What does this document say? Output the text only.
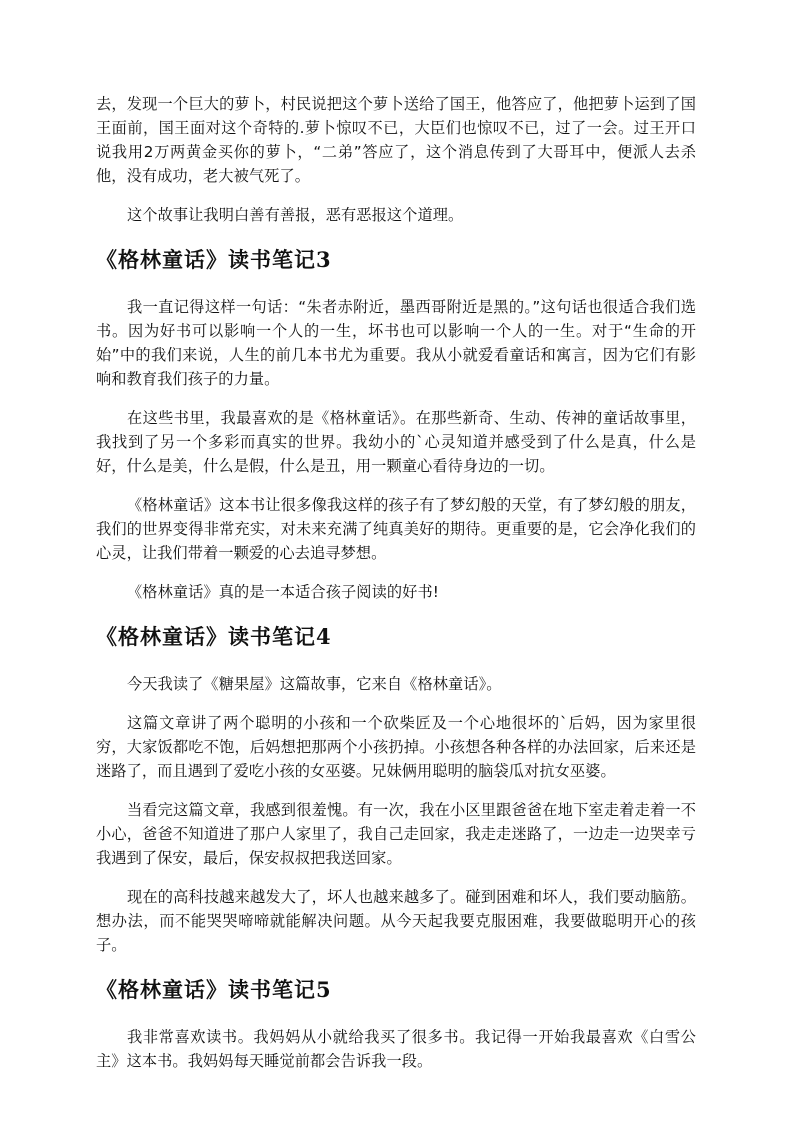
去，发现一个巨大的萝卜，村民说把这个萝卜送给了国王，他答应了，他把萝卜运到了国王面前，国王面对这个奇特的.萝卜惊叹不已，大臣们也惊叹不已，过了一会。过王开口说我用2万两黄金买你的萝卜，“二弟”答应了，这个消息传到了大哥耳中，便派人去杀他，没有成功，老大被气死了。

这个故事让我明白善有善报，恶有恶报这个道理。

《格林童话》读书笔记3

我一直记得这样一句话：“朱者赤附近，墨西哥附近是黑的。”这句话也很适合我们选书。因为好书可以影响一个人的一生，坏书也可以影响一个人的一生。对于“生命的开始”中的我们来说，人生的前几本书尤为重要。我从小就爱看童话和寓言，因为它们有影响和教育我们孩子的力量。

在这些书里，我最喜欢的是《格林童话》。在那些新奇、生动、传神的童话故事里，我找到了另一个多彩而真实的世界。我幼小的`心灵知道并感受到了什么是真，什么是好，什么是美，什么是假，什么是丑，用一颗童心看待身边的一切。

《格林童话》这本书让很多像我这样的孩子有了梦幻般的天堂，有了梦幻般的朋友，我们的世界变得非常充实，对未来充满了纯真美好的期待。更重要的是，它会净化我们的心灵，让我们带着一颗爱的心去追寻梦想。

《格林童话》真的是一本适合孩子阅读的好书!

《格林童话》读书笔记4

今天我读了《糖果屋》这篇故事，它来自《格林童话》。

这篇文章讲了两个聪明的小孩和一个砍柴匠及一个心地很坏的`后妈，因为家里很穷，大家饭都吃不饱，后妈想把那两个小孩扔掉。小孩想各种各样的办法回家，后来还是迷路了，而且遇到了爱吃小孩的女巫婆。兄妹俩用聪明的脑袋瓜对抗女巫婆。

当看完这篇文章，我感到很羞愧。有一次，我在小区里跟爸爸在地下室走着走着一不小心，爸爸不知道进了那户人家里了，我自己走回家，我走走迷路了，一边走一边哭幸亏我遇到了保安，最后，保安叔叔把我送回家。

现在的高科技越来越发大了，坏人也越来越多了。碰到困难和坏人，我们要动脑筋。想办法，而不能哭哭啼啼就能解决问题。从今天起我要克服困难，我要做聪明开心的孩子。

《格林童话》读书笔记5

我非常喜欢读书。我妈妈从小就给我买了很多书。我记得一开始我最喜欢《白雪公主》这本书。我妈妈每天睡觉前都会告诉我一段。
